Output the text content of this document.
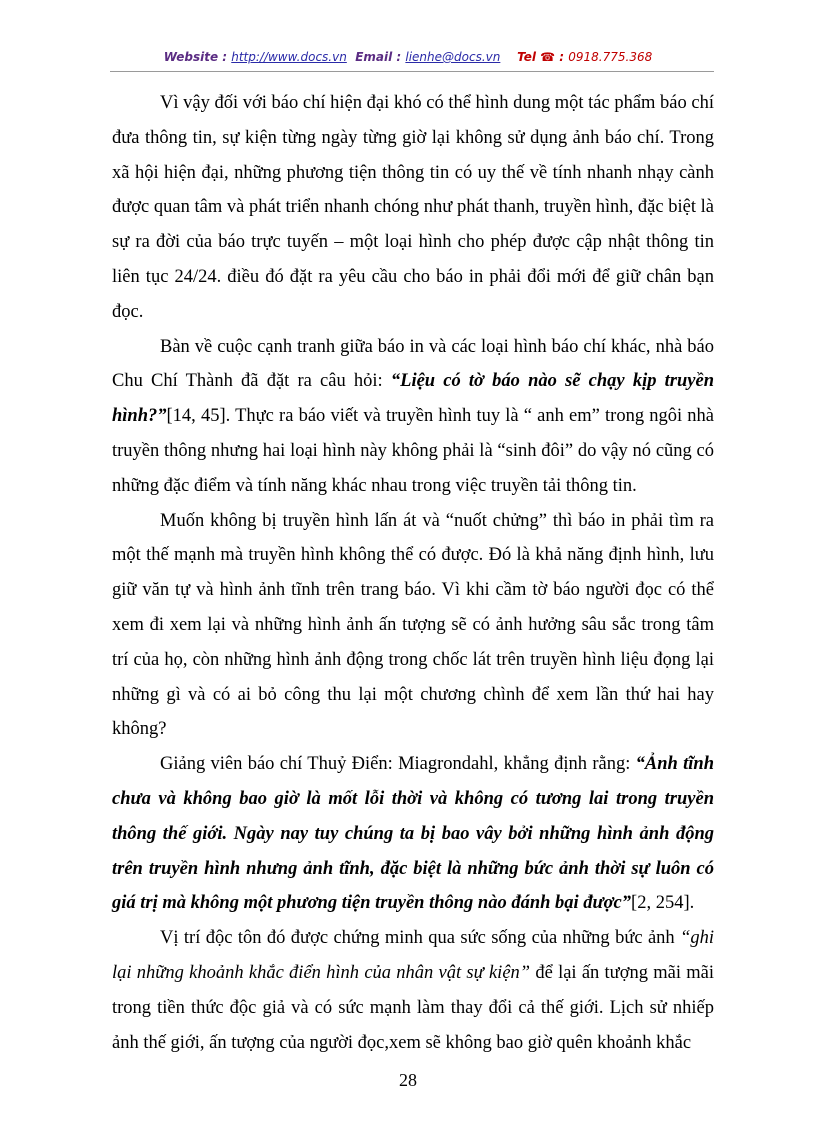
Website : http://www.docs.vn Email : lienhe@docs.vn Tel ☎ : 0918.775.368

Vì vậy đối với báo chí hiện đại khó có thể hình dung một tác phẩm báo chí đưa thông tin, sự kiện từng ngày từng giờ lại không sử dụng ảnh báo chí. Trong xã hội hiện đại, những phương tiện thông tin có uy thế về tính nhanh nhạy cành được quan tâm và phát triển nhanh chóng như phát thanh, truyền hình, đặc biệt là sự ra đời của báo trực tuyến – một loại hình cho phép được cập nhật thông tin liên tục 24/24. điều đó đặt ra yêu cầu cho báo in phải đổi mới để giữ chân bạn đọc.

Bàn về cuộc cạnh tranh giữa báo in và các loại hình báo chí khác, nhà báo Chu Chí Thành đã đặt ra câu hỏi: “Liệu có tờ báo nào sẽ chạy kịp truyền hình?”[14, 45]. Thực ra báo viết và truyền hình tuy là “ anh em” trong ngôi nhà truyền thông nhưng hai loại hình này không phải là “sinh đôi” do vậy nó cũng có những đặc điểm và tính năng khác nhau trong việc truyền tải thông tin.

Muốn không bị truyền hình lấn át và “nuốt chửng” thì báo in phải tìm ra một thế mạnh mà truyền hình không thể có được. Đó là khả năng định hình, lưu giữ văn tự và hình ảnh tĩnh trên trang báo. Vì khi cầm tờ báo người đọc có thể xem đi xem lại và những hình ảnh ấn tượng sẽ có ảnh hưởng sâu sắc trong tâm trí của họ, còn những hình ảnh động trong chốc lát trên truyền hình liệu đọng lại những gì và có ai bỏ công thu lại một chương chình để xem lần thứ hai hay không?

Giảng viên báo chí Thuỷ Điển: Miagrondahl, khẳng định rằng: “Ảnh tĩnh chưa và không bao giờ là mốt lỗi thời và không có tương lai trong truyền thông thế giới. Ngày nay tuy chúng ta bị bao vây bởi những hình ảnh động trên truyền hình nhưng ảnh tĩnh, đặc biệt là những bức ảnh thời sự luôn có giá trị mà không một phương tiện truyền thông nào đánh bại được”[2, 254].

Vị trí độc tôn đó được chứng minh qua sức sống của những bức ảnh “ghi lại những khoảnh khắc điển hình của nhân vật sự kiện” để lại ấn tượng mãi mãi trong tiền thức độc giả và có sức mạnh làm thay đổi cả thế giới. Lịch sử nhiếp ảnh thế giới, ấn tượng của người đọc,xem sẽ không bao giờ quên khoảnh khắc

28
